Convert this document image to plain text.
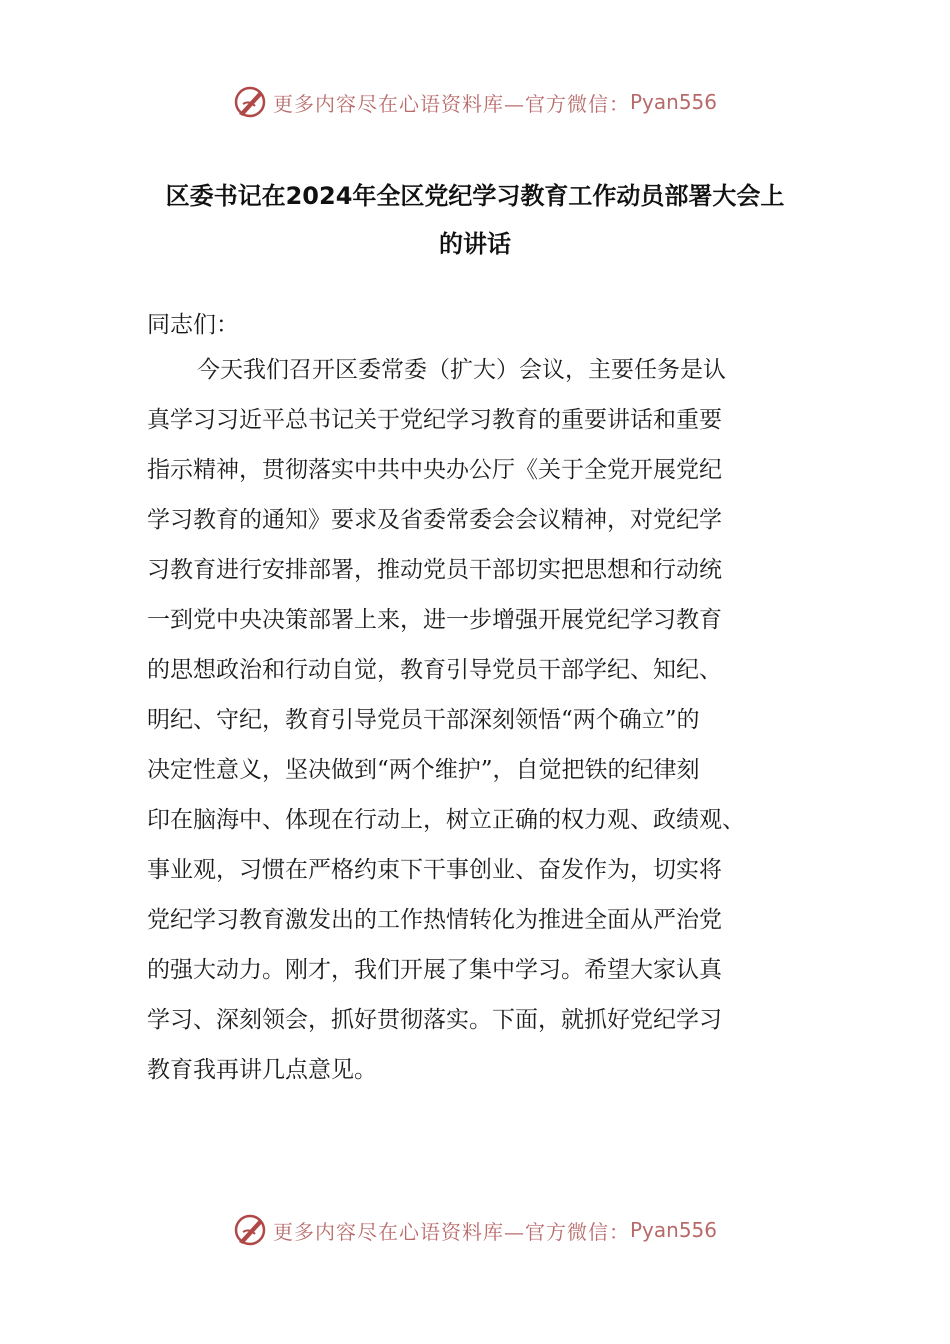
更多内容尽在心语资料库—官方微信： Pyan556
区委书记在2024年全区党纪学习教育工作动员部署大会上
的讲话
同志们：
今天我们召开区委常委（扩大）会议，主要任务是认
真学习习近平总书记关于党纪学习教育的重要讲话和重要
指示精神，贯彻落实中共中央办公厅《关于全党开展党纪
学习教育的通知》要求及省委常委会会议精神，对党纪学
习教育进行安排部署，推动党员干部切实把思想和行动统
一到党中央决策部署上来，进一步增强开展党纪学习教育
的思想政治和行动自觉，教育引导党员干部学纪、知纪、
明纪、守纪，教育引导党员干部深刻领悟“两个确立”的
决定性意义，坚决做到“两个维护”，自觉把铁的纪律刻
印在脑海中、体现在行动上，树立正确的权力观、政绩观、
事业观，习惯在严格约束下干事创业、奋发作为，切实将
党纪学习教育激发出的工作热情转化为推进全面从严治党
的强大动力。刚才，我们开展了集中学习。希望大家认真
学习、深刻领会，抓好贯彻落实。下面，就抓好党纪学习
教育我再讲几点意见。
更多内容尽在心语资料库—官方微信： Pyan556
